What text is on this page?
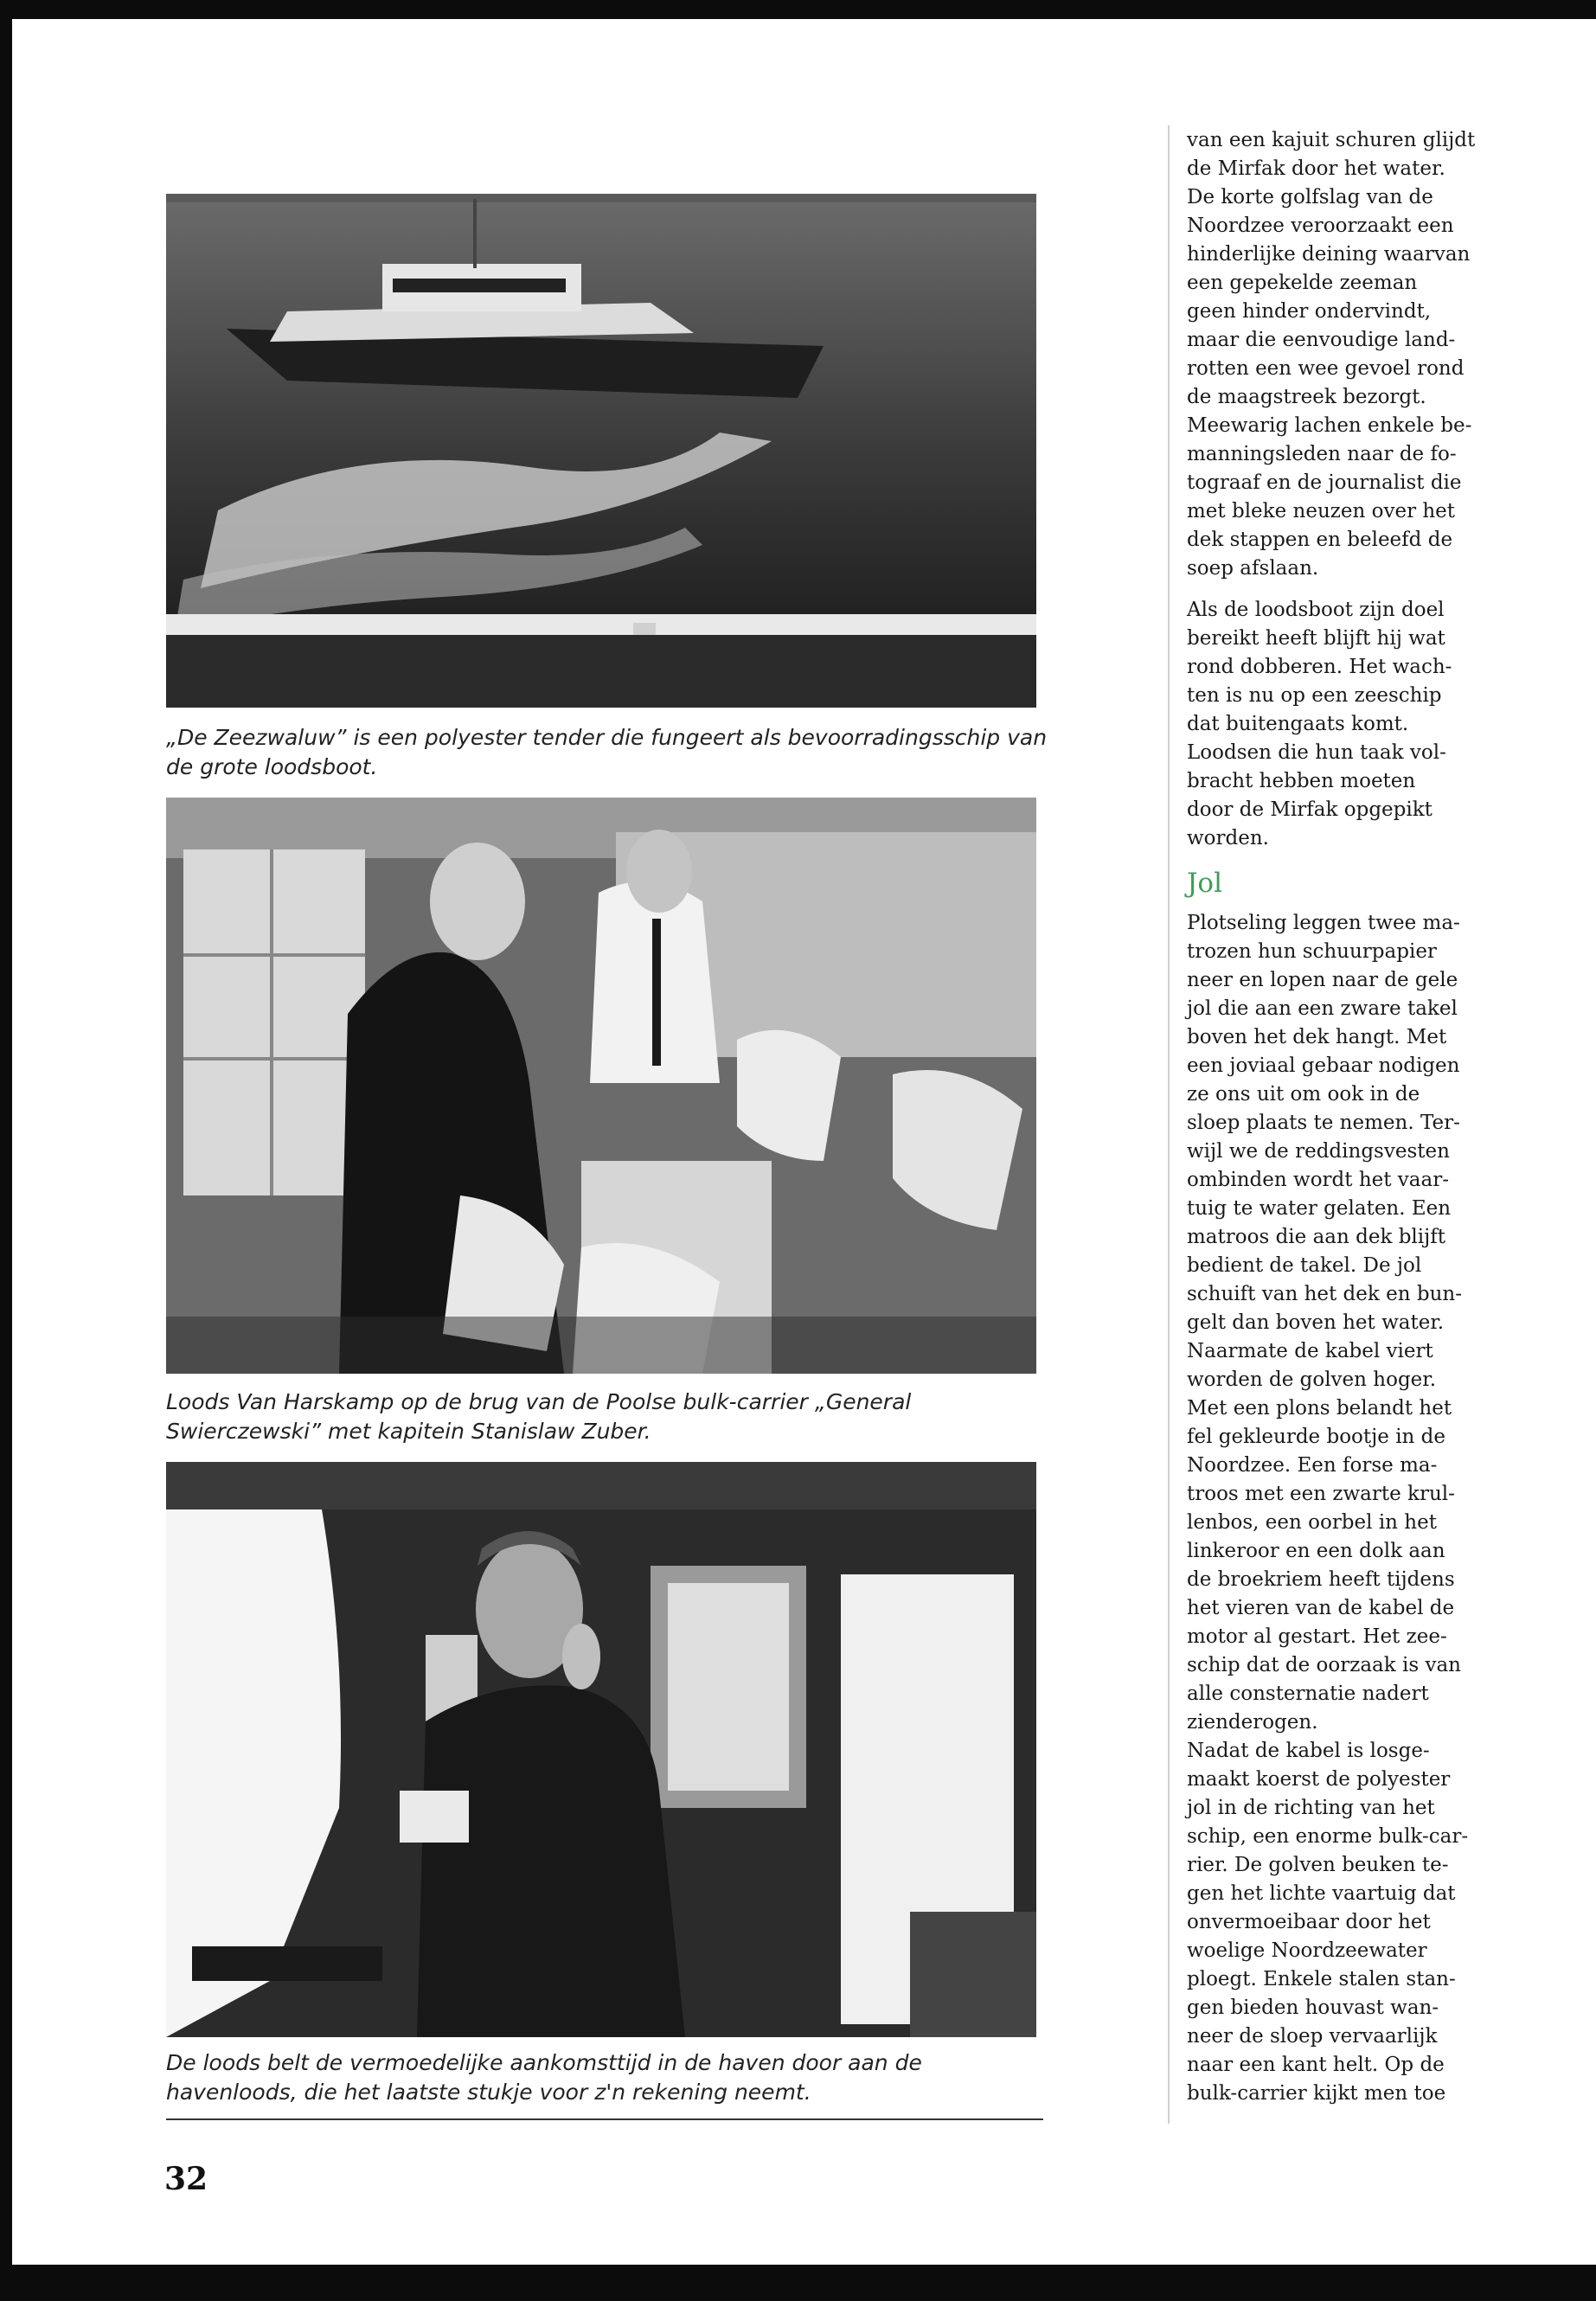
„De Zeezwaluw” is een polyester tender die fungeert als bevoorradingsschip van de grote loodsboot.
Loods Van Harskamp op de brug van de Poolse bulk-carrier „General Swierczewski” met kapitein Stanislaw Zuber.
De loods belt de vermoedelijke aankomsttijd in de haven door aan de havenloods, die het laatste stukje voor z'n rekening neemt.
32

van een kajuit schuren glijdt
de Mirfak door het water.
De korte golfslag van de
Noordzee veroorzaakt een
hinderlijke deining waarvan
een gepekelde zeeman
geen hinder ondervindt,
maar die eenvoudige land-
rotten een wee gevoel rond
de maagstreek bezorgt.
Meewarig lachen enkele be-
manningsleden naar de fo-
tograaf en de journalist die
met bleke neuzen over het
dek stappen en beleefd de
soep afslaan.

Als de loodsboot zijn doel
bereikt heeft blijft hij wat
rond dobberen. Het wach-
ten is nu op een zeeschip
dat buitengaats komt.
Loodsen die hun taak vol-
bracht hebben moeten
door de Mirfak opgepikt
worden.

Jol

Plotseling leggen twee ma-
trozen hun schuurpapier
neer en lopen naar de gele
jol die aan een zware takel
boven het dek hangt. Met
een joviaal gebaar nodigen
ze ons uit om ook in de
sloep plaats te nemen. Ter-
wijl we de reddingsvesten
ombinden wordt het vaar-
tuig te water gelaten. Een
matroos die aan dek blijft
bedient de takel. De jol
schuift van het dek en bun-
gelt dan boven het water.
Naarmate de kabel viert
worden de golven hoger.
Met een plons belandt het
fel gekleurde bootje in de
Noordzee. Een forse ma-
troos met een zwarte krul-
lenbos, een oorbel in het
linkeroor en een dolk aan
de broekriem heeft tijdens
het vieren van de kabel de
motor al gestart. Het zee-
schip dat de oorzaak is van
alle consternatie nadert
zienderogen.

Nadat de kabel is losge-
maakt koerst de polyester
jol in de richting van het
schip, een enorme bulk-car-
rier. De golven beuken te-
gen het lichte vaartuig dat
onvermoeibaar door het
woelige Noordzeewater
ploegt. Enkele stalen stan-
gen bieden houvast wan-
neer de sloep vervaarlijk
naar een kant helt. Op de
bulk-carrier kijkt men toe
